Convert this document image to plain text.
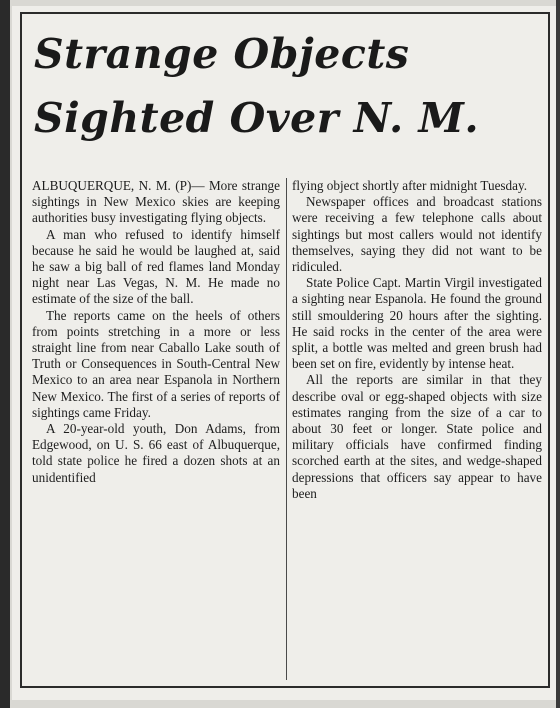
Strange Objects
Sighted Over N. M.

ALBUQUERQUE, N. M. (P)— More strange sightings in New Mexico skies are keeping authorities busy investigating flying objects.

A man who refused to identify himself because he said he would be laughed at, said he saw a big ball of red flames land Monday night near Las Vegas, N. M. He made no estimate of the size of the ball.

The reports came on the heels of others from points stretching in a more or less straight line from near Caballo Lake south of Truth or Consequences in South-Central New Mexico to an area near Espanola in Northern New Mexico. The first of a series of reports of sightings came Friday.

A 20-year-old youth, Don Adams, from Edgewood, on U. S. 66 east of Albuquerque, told state police he fired a dozen shots at an unidentified

flying object shortly after midnight Tuesday.

Newspaper offices and broadcast stations were receiving a few telephone calls about sightings but most callers would not identify themselves, saying they did not want to be ridiculed.

State Police Capt. Martin Virgil investigated a sighting near Espanola. He found the ground still smouldering 20 hours after the sighting. He said rocks in the center of the area were split, a bottle was melted and green brush had been set on fire, evidently by intense heat.

All the reports are similar in that they describe oval or egg-shaped objects with size estimates ranging from the size of a car to about 30 feet or longer. State police and military officials have confirmed finding scorched earth at the sites, and wedge-shaped depressions that officers say appear to have been
